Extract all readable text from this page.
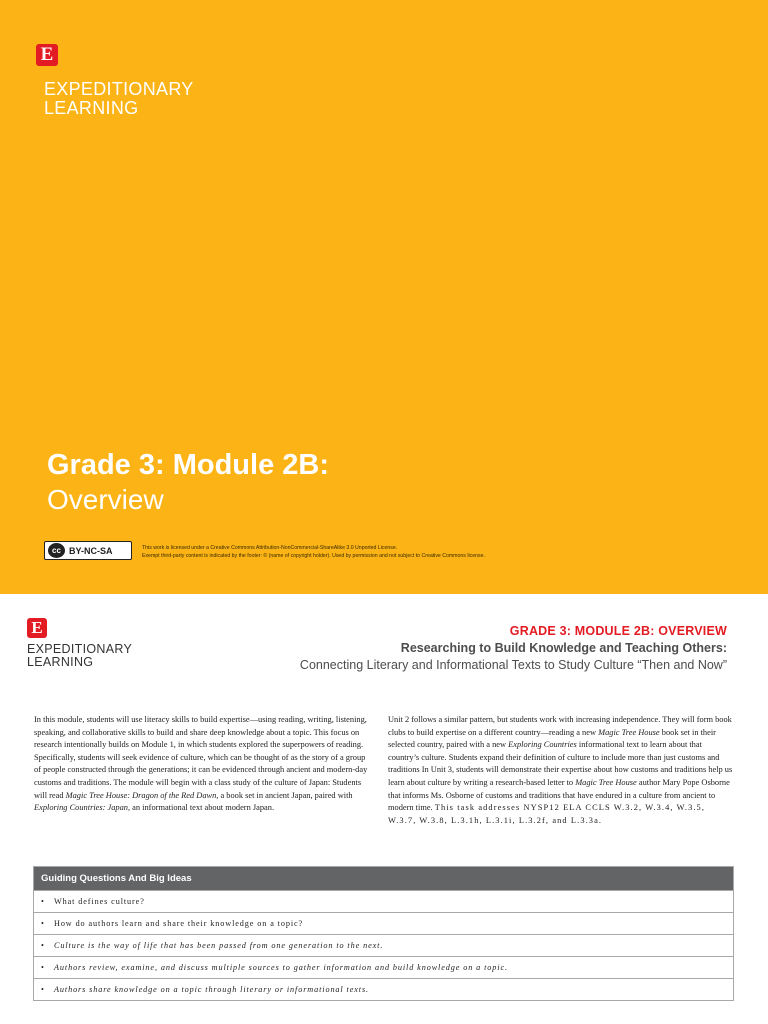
E
EXPEDITIONARY
LEARNING
Grade 3: Module 2B:
Overview
cc BY-NC-SA	This work is licensed under a Creative Commons Attribution-NonCommercial-ShareAlike 3.0 Unported License.
Exempt third-party content is indicated by the footer: © (name of copyright holder). Used by permission and not subject to Creative Commons license.
E
EXPEDITIONARY
LEARNING
GRADE 3: MODULE 2B: OVERVIEW
Researching to Build Knowledge and Teaching Others:
Connecting Literary and Informational Texts to Study Culture “Then and Now”
In this module, students will use literacy skills to build expertise—using reading, writing, listening, speaking, and collaborative skills to build and share deep knowledge about a topic. This focus on research intentionally builds on Module 1, in which students explored the superpowers of reading. Specifically, students will seek evidence of culture, which can be thought of as the story of a group of people constructed through the generations; it can be evidenced through ancient and modern-day customs and traditions. The module will begin with a class study of the culture of Japan: Students will read Magic Tree House: Dragon of the Red Dawn, a book set in ancient Japan, paired with Exploring Countries: Japan, an informational text about modern Japan.
Unit 2 follows a similar pattern, but students work with increasing independence. They will form book clubs to build expertise on a different country—reading a new Magic Tree House book set in their selected country, paired with a new Exploring Countries informational text to learn about that country’s culture. Students expand their definition of culture to include more than just customs and traditions In Unit 3, students will demonstrate their expertise about how customs and traditions help us learn about culture by writing a research-based letter to Magic Tree House author Mary Pope Osborne that informs Ms. Osborne of customs and traditions that have endured in a culture from ancient to modern time. This task addresses NYSP12 ELA CCLS W.3.2, W.3.4, W.3.5, W.3.7, W.3.8, L.3.1h, L.3.1i, L.3.2f, and L.3.3a.
Guiding Questions And Big Ideas
• What defines culture?
• How do authors learn and share their knowledge on a topic?
• Culture is the way of life that has been passed from one generation to the next.
• Authors review, examine, and discuss multiple sources to gather information and build knowledge on a topic.
• Authors share knowledge on a topic through literary or informational texts.
